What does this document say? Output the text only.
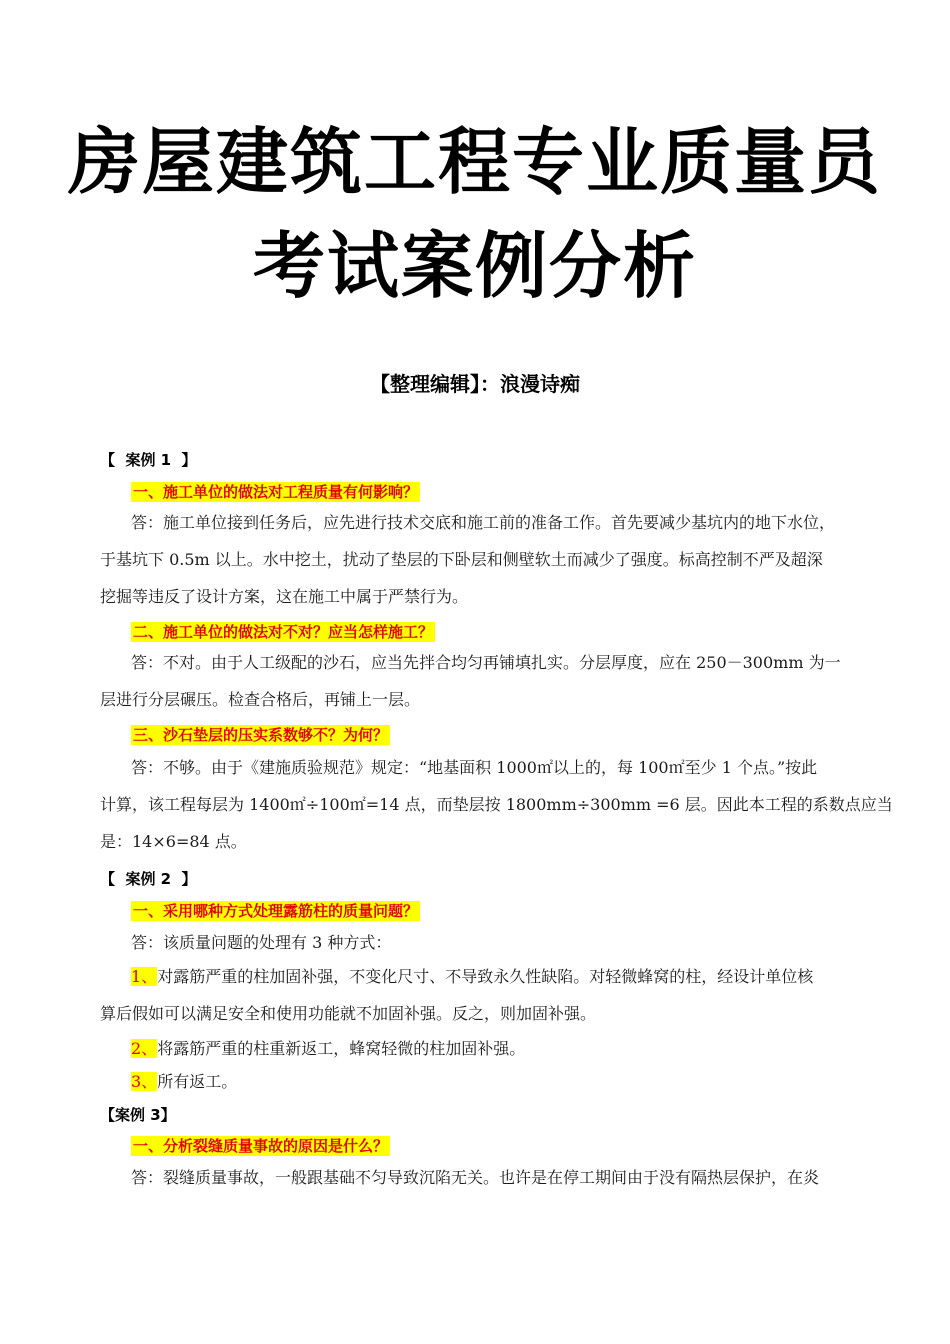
房屋建筑工程专业质量员
考试案例分析
【整理编辑】：浪漫诗痴
【  案例 1  】
一、施工单位的做法对工程质量有何影响？
答：施工单位接到任务后，应先进行技术交底和施工前的准备工作。首先要减少基坑内的地下水位，
于基坑下 0.5m 以上。水中挖土，扰动了垫层的下卧层和侧壁软土而减少了强度。标高控制不严及超深
挖掘等违反了设计方案，这在施工中属于严禁行为。
二、施工单位的做法对不对？应当怎样施工？
答：不对。由于人工级配的沙石，应当先拌合均匀再铺填扎实。分层厚度，应在 250－300mm 为一
层进行分层碾压。检查合格后，再铺上一层。
三、沙石垫层的压实系数够不？为何？
答：不够。由于《建施质验规范》规定：“地基面积 1000㎡以上的，每 100㎡至少 1 个点。”按此
计算，该工程每层为 1400㎡÷100㎡=14 点，而垫层按 1800mm÷300mm =6 层。因此本工程的系数点应当
是：14×6=84 点。
【  案例 2  】
一、采用哪种方式处理露筋柱的质量问题？
答：该质量问题的处理有 3 种方式：
1、对露筋严重的柱加固补强，不变化尺寸、不导致永久性缺陷。对轻微蜂窝的柱，经设计单位核
算后假如可以满足安全和使用功能就不加固补强。反之，则加固补强。
2、将露筋严重的柱重新返工，蜂窝轻微的柱加固补强。
3、所有返工。
【案例 3】
一、分析裂缝质量事故的原因是什么？
答：裂缝质量事故，一般跟基础不匀导致沉陷无关。也许是在停工期间由于没有隔热层保护，在炎
